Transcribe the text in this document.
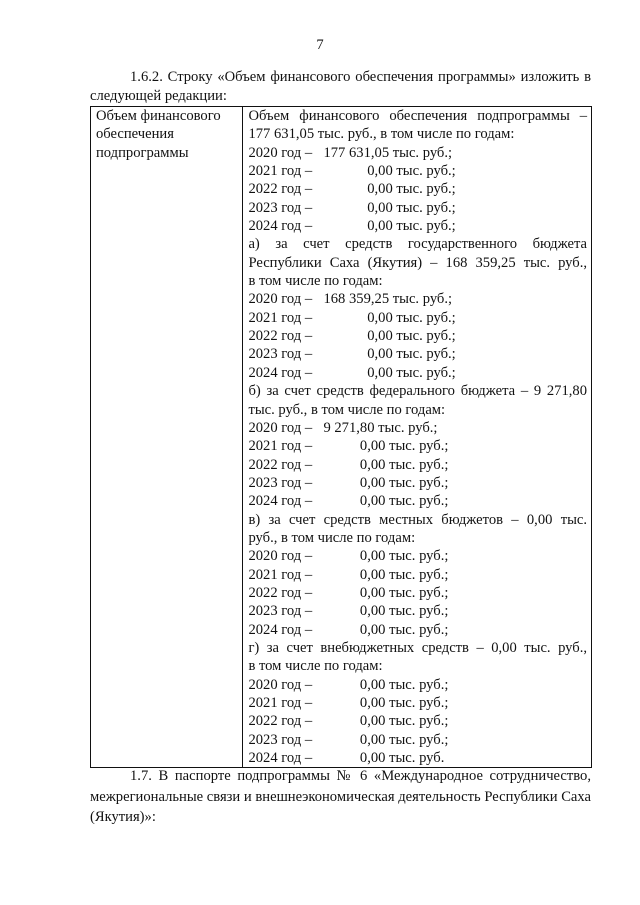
7

1.6.2. Строку «Объем финансового обеспечения программы» изложить в следующей редакции:

Объем финансового
обеспечения
подпрограммы

Объем финансового обеспечения подпрограммы –
177 631,05 тыс. руб., в том числе по годам:
2020 год – 177 631,05 тыс. руб.;
2021 год – 0,00 тыс. руб.;
2022 год – 0,00 тыс. руб.;
2023 год – 0,00 тыс. руб.;
2024 год – 0,00 тыс. руб.;
а) за счет средств государственного бюджета
Республики Саха (Якутия) – 168 359,25 тыс. руб.,
в том числе по годам:
2020 год – 168 359,25 тыс. руб.;
2021 год – 0,00 тыс. руб.;
2022 год – 0,00 тыс. руб.;
2023 год – 0,00 тыс. руб.;
2024 год – 0,00 тыс. руб.;
б) за счет средств федерального бюджета – 9 271,80
тыс. руб., в том числе по годам:
2020 год – 9 271,80 тыс. руб.;
2021 год – 0,00 тыс. руб.;
2022 год – 0,00 тыс. руб.;
2023 год – 0,00 тыс. руб.;
2024 год – 0,00 тыс. руб.;
в) за счет средств местных бюджетов – 0,00 тыс.
руб., в том числе по годам:
2020 год – 0,00 тыс. руб.;
2021 год – 0,00 тыс. руб.;
2022 год – 0,00 тыс. руб.;
2023 год – 0,00 тыс. руб.;
2024 год – 0,00 тыс. руб.;
г) за счет внебюджетных средств – 0,00 тыс. руб.,
в том числе по годам:
2020 год – 0,00 тыс. руб.;
2021 год – 0,00 тыс. руб.;
2022 год – 0,00 тыс. руб.;
2023 год – 0,00 тыс. руб.;
2024 год – 0,00 тыс. руб.

1.7. В паспорте подпрограммы № 6 «Международное сотрудничество, межрегиональные связи и внешнеэкономическая деятельность Республики Саха (Якутия)»:
